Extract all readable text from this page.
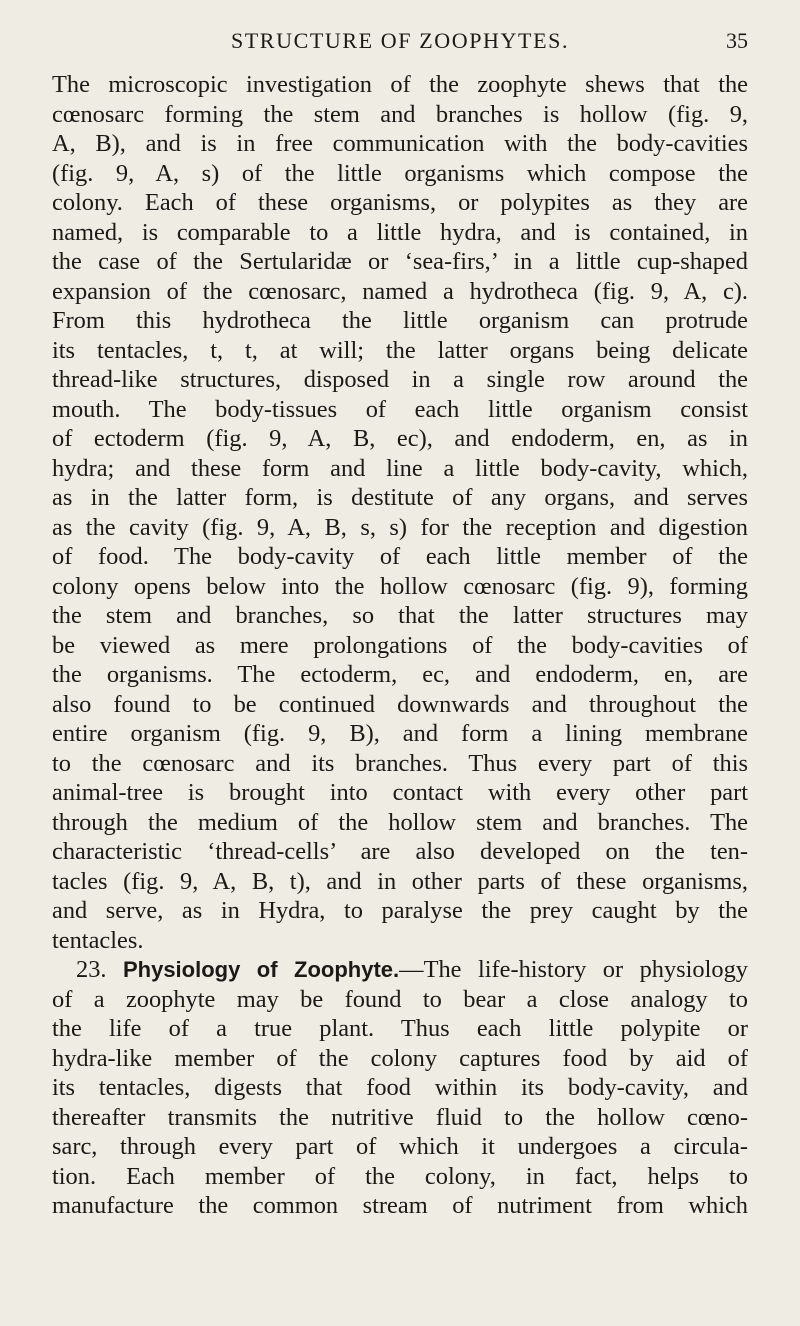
STRUCTURE OF ZOOPHYTES.	35

The microscopic investigation of the zoophyte shews that the
cœnosarc forming the stem and branches is hollow (fig. 9,
A, B), and is in free communication with the body-cavities
(fig. 9, A, s) of the little organisms which compose the
colony. Each of these organisms, or polypites as they are
named, is comparable to a little hydra, and is contained, in
the case of the Sertularidæ or ‘sea-firs,’ in a little cup-shaped
expansion of the cœnosarc, named a hydrotheca (fig. 9, A, c).
From this hydrotheca the little organism can protrude
its tentacles, t, t, at will; the latter organs being delicate
thread-like structures, disposed in a single row around the
mouth. The body-tissues of each little organism consist
of ectoderm (fig. 9, A, B, ec), and endoderm, en, as in
hydra; and these form and line a little body-cavity, which,
as in the latter form, is destitute of any organs, and serves
as the cavity (fig. 9, A, B, s, s) for the reception and digestion
of food. The body-cavity of each little member of the
colony opens below into the hollow cœnosarc (fig. 9), forming
the stem and branches, so that the latter structures may
be viewed as mere prolongations of the body-cavities of
the organisms. The ectoderm, ec, and endoderm, en, are
also found to be continued downwards and throughout the
entire organism (fig. 9, B), and form a lining membrane
to the cœnosarc and its branches. Thus every part of this
animal-tree is brought into contact with every other part
through the medium of the hollow stem and branches. The
characteristic ‘thread-cells’ are also developed on the ten-
tacles (fig. 9, A, B, t), and in other parts of these organisms,
and serve, as in Hydra, to paralyse the prey caught by the
tentacles.

23. Physiology of Zoophyte.—The life-history or physiology
of a zoophyte may be found to bear a close analogy to
the life of a true plant. Thus each little polypite or
hydra-like member of the colony captures food by aid of
its tentacles, digests that food within its body-cavity, and
thereafter transmits the nutritive fluid to the hollow cœno-
sarc, through every part of which it undergoes a circula-
tion. Each member of the colony, in fact, helps to
manufacture the common stream of nutriment from which
